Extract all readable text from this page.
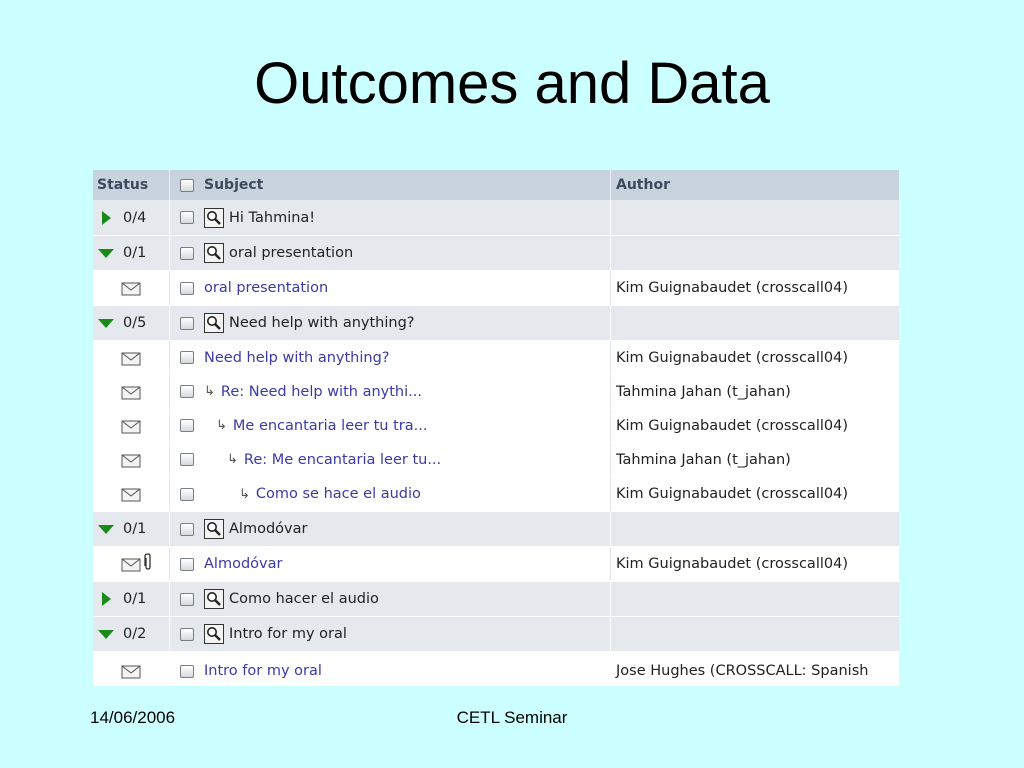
Outcomes and Data
Status	Subject	Author
0/4	Hi Tahmina!
0/1	oral presentation
oral presentation	Kim Guignabaudet (crosscall04)
0/5	Need help with anything?
Need help with anything?	Kim Guignabaudet (crosscall04)
↳ Re: Need help with anythi...	Tahmina Jahan (t_jahan)
↳ Me encantaria leer tu tra...	Kim Guignabaudet (crosscall04)
↳ Re: Me encantaria leer tu...	Tahmina Jahan (t_jahan)
↳ Como se hace el audio	Kim Guignabaudet (crosscall04)
0/1	Almodóvar
Almodóvar	Kim Guignabaudet (crosscall04)
0/1	Como hacer el audio
0/2	Intro for my oral
Intro for my oral	Jose Hughes (CROSSCALL: Spanish
14/06/2006	CETL Seminar
